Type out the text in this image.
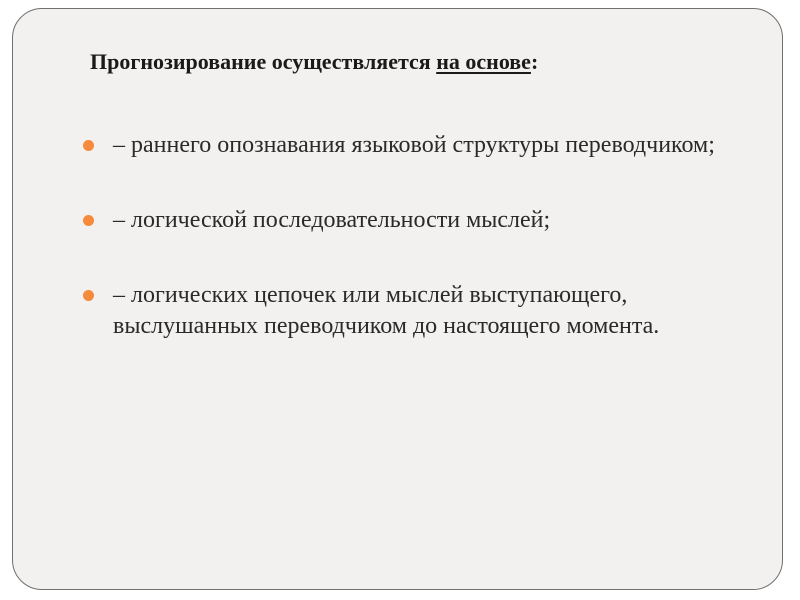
Прогнозирование осуществляется на основе:
– раннего опознавания языковой структуры переводчиком;
– логической последовательности мыслей;
– логических цепочек или мыслей выступающего, выслушанных переводчиком до настоящего момента.
